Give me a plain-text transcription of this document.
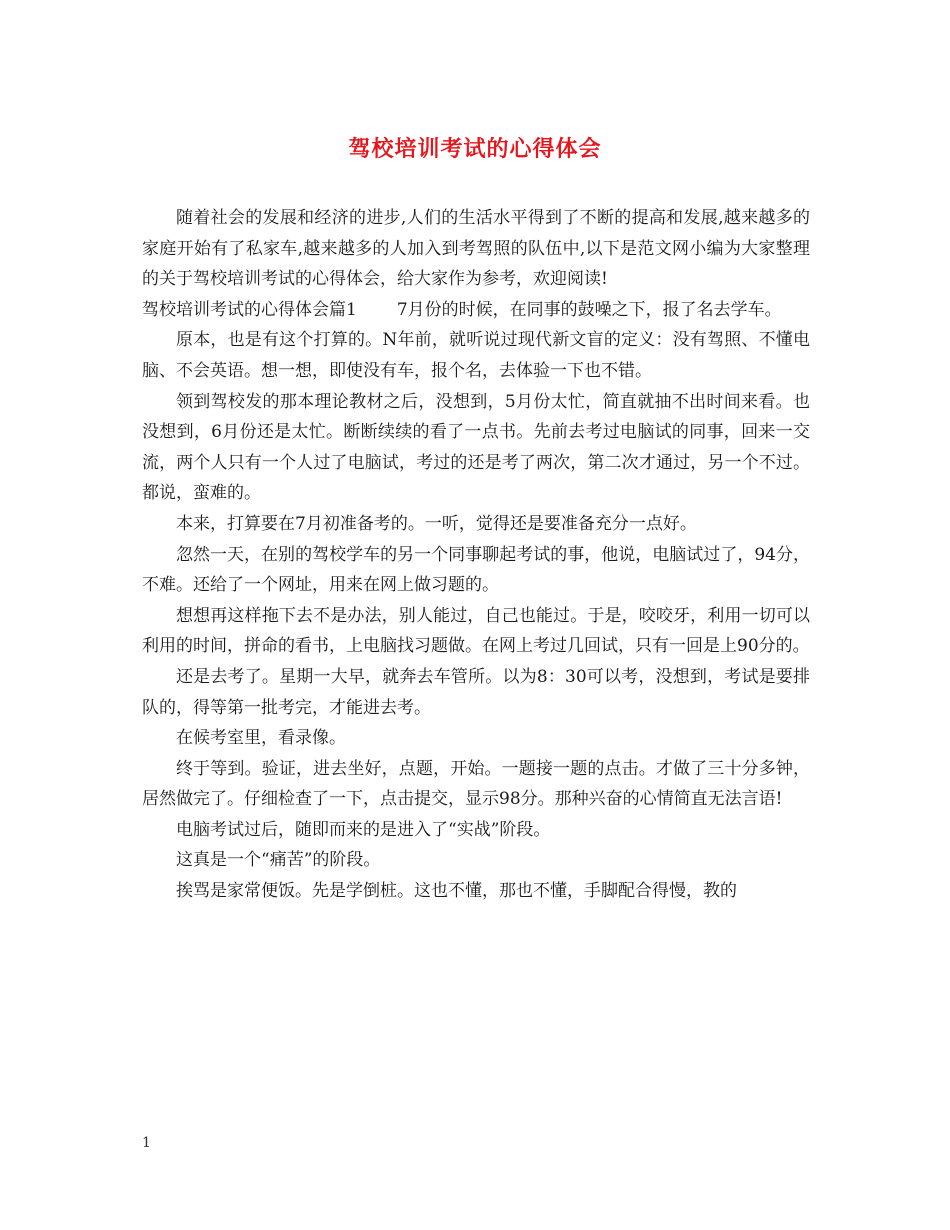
驾校培训考试的心得体会

随着社会的发展和经济的进步,人们的生活水平得到了不断的提高和发展,越来越多的家庭开始有了私家车,越来越多的人加入到考驾照的队伍中,以下是范文网小编为大家整理的关于驾校培训考试的心得体会，给大家作为参考，欢迎阅读!

驾校培训考试的心得体会篇1 7月份的时候，在同事的鼓噪之下，报了名去学车。

原本，也是有这个打算的。N年前，就听说过现代新文盲的定义：没有驾照、不懂电脑、不会英语。想一想，即使没有车，报个名，去体验一下也不错。

领到驾校发的那本理论教材之后，没想到，5月份太忙，简直就抽不出时间来看。也没想到，6月份还是太忙。断断续续的看了一点书。先前去考过电脑试的同事，回来一交流，两个人只有一个人过了电脑试，考过的还是考了两次，第二次才通过，另一个不过。都说，蛮难的。

本来，打算要在7月初准备考的。一听，觉得还是要准备充分一点好。

忽然一天，在别的驾校学车的另一个同事聊起考试的事，他说，电脑试过了，94分，不难。还给了一个网址，用来在网上做习题的。

想想再这样拖下去不是办法，别人能过，自己也能过。于是，咬咬牙，利用一切可以利用的时间，拼命的看书，上电脑找习题做。在网上考过几回试，只有一回是上90分的。

还是去考了。星期一大早，就奔去车管所。以为8：30可以考，没想到，考试是要排队的，得等第一批考完，才能进去考。

在候考室里，看录像。

终于等到。验证，进去坐好，点题，开始。一题接一题的点击。才做了三十分多钟，居然做完了。仔细检查了一下，点击提交，显示98分。那种兴奋的心情简直无法言语!

电脑考试过后，随即而来的是进入了“实战”阶段。

这真是一个“痛苦”的阶段。

挨骂是家常便饭。先是学倒桩。这也不懂，那也不懂，手脚配合得慢，教的

1
